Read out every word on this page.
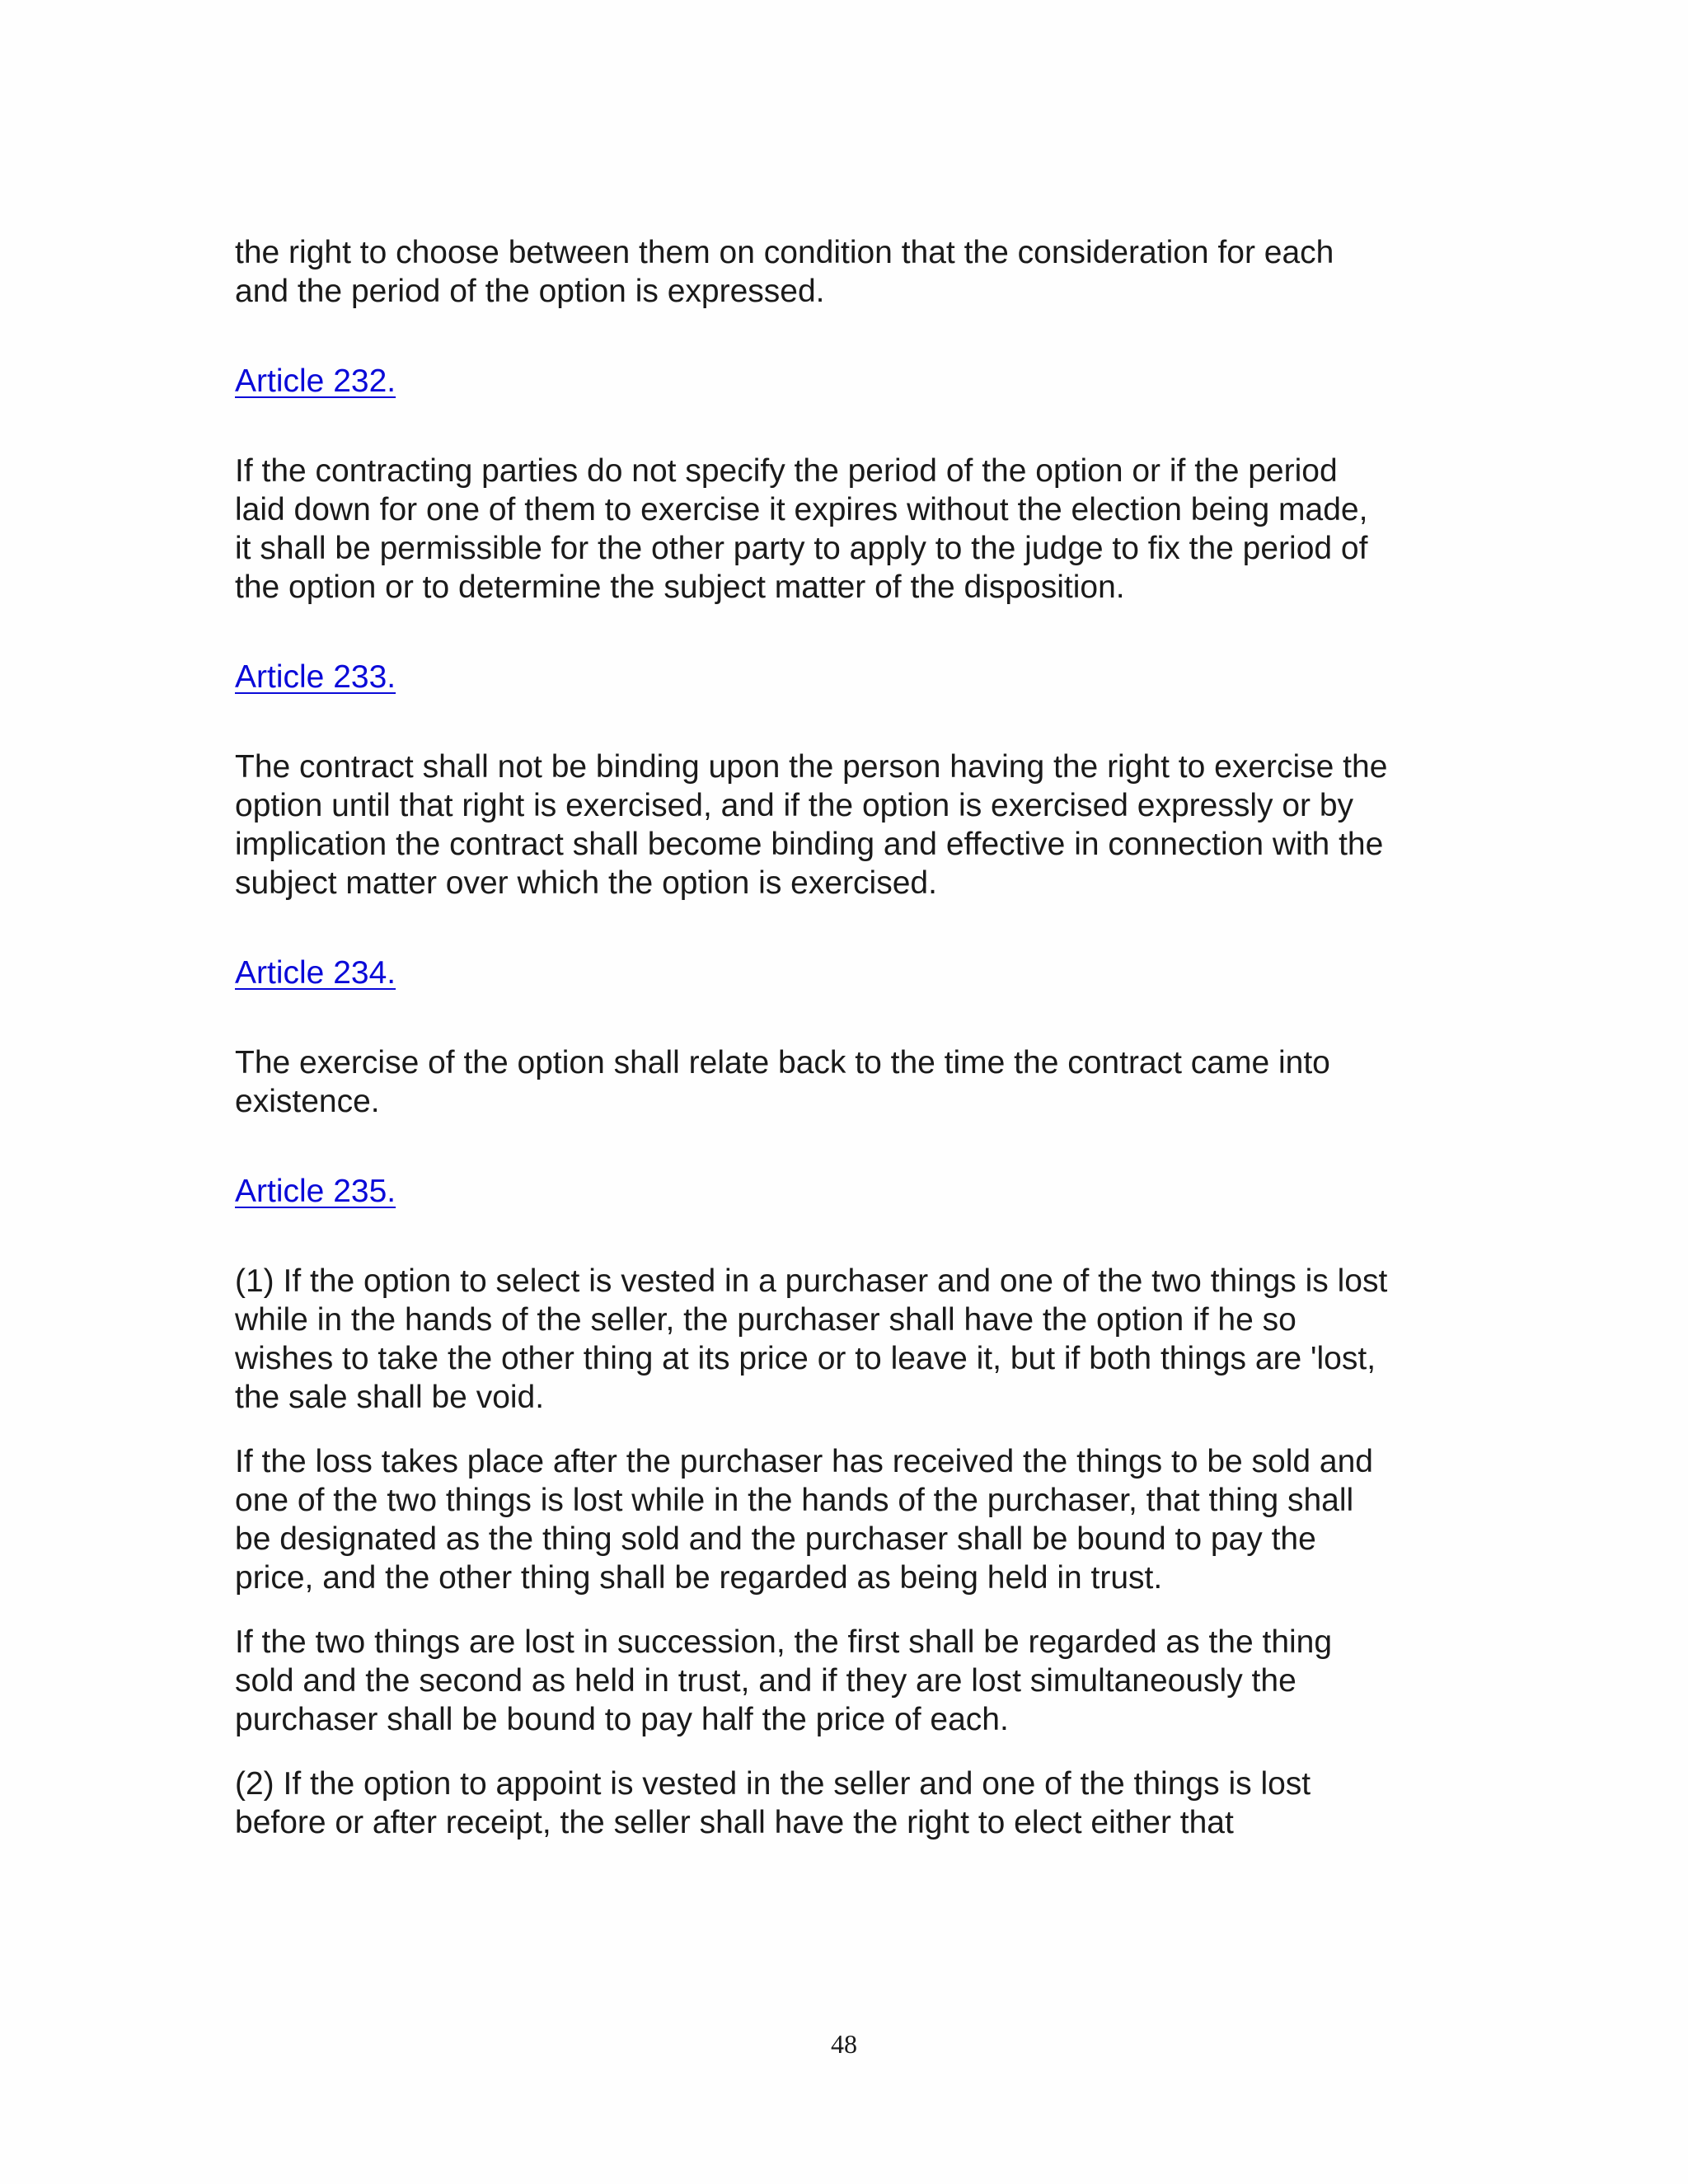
the right to choose between them on condition that the consideration for each
and the period of the option is expressed.

Article 232.

If the contracting parties do not specify the period of the option or if the period
laid down for one of them to exercise it expires without the election being made,
it shall be permissible for the other party to apply to the judge to fix the period of
the option or to determine the subject matter of the disposition.

Article 233.

The contract shall not be binding upon the person having the right to exercise the
option until that right is exercised, and if the option is exercised expressly or by
implication the contract shall become binding and effective in connection with the
subject matter over which the option is exercised.

Article 234.

The exercise of the option shall relate back to the time the contract came into
existence.

Article 235.

(1) If the option to select is vested in a purchaser and one of the two things is lost
while in the hands of the seller, the purchaser shall have the option if he so
wishes to take the other thing at its price or to leave it, but if both things are 'lost,
the sale shall be void.

If the loss takes place after the purchaser has received the things to be sold and
one of the two things is lost while in the hands of the purchaser, that thing shall
be designated as the thing sold and the purchaser shall be bound to pay the
price, and the other thing shall be regarded as being held in trust.

If the two things are lost in succession, the first shall be regarded as the thing
sold and the second as held in trust, and if they are lost simultaneously the
purchaser shall be bound to pay half the price of each.

(2) If the option to appoint is vested in the seller and one of the things is lost
before or after receipt, the seller shall have the right to elect either that

48
